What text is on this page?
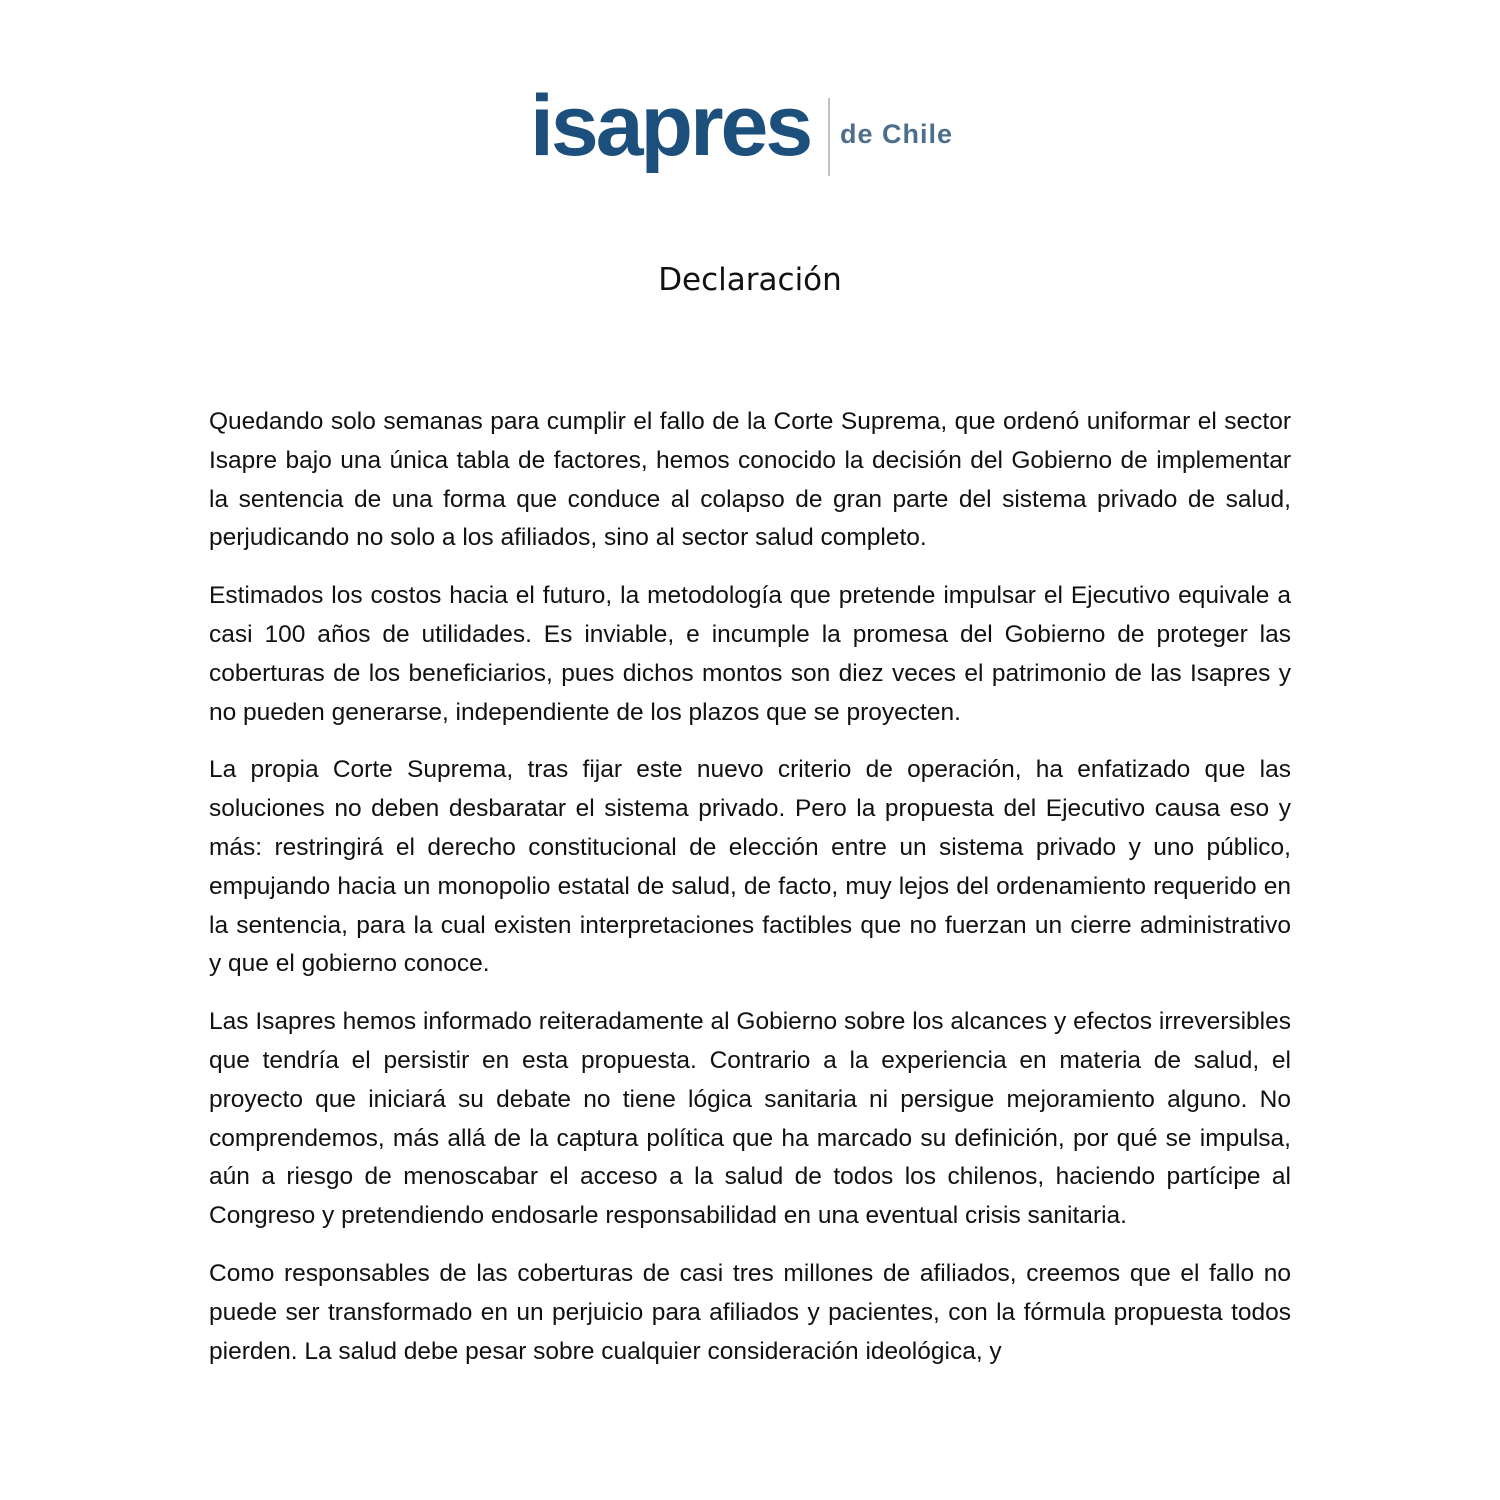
isapres de Chile
Declaración

Quedando solo semanas para cumplir el fallo de la Corte Suprema, que ordenó uniformar el sector Isapre bajo una única tabla de factores, hemos conocido la decisión del Gobierno de implementar la sentencia de una forma que conduce al colapso de gran parte del sistema privado de salud, perjudicando no solo a los afiliados, sino al sector salud completo.

Estimados los costos hacia el futuro, la metodología que pretende impulsar el Ejecutivo equivale a casi 100 años de utilidades. Es inviable, e incumple la promesa del Gobierno de proteger las coberturas de los beneficiarios, pues dichos montos son diez veces el patrimonio de las Isapres y no pueden generarse, independiente de los plazos que se proyecten.

La propia Corte Suprema, tras fijar este nuevo criterio de operación, ha enfatizado que las soluciones no deben desbaratar el sistema privado. Pero la propuesta del Ejecutivo causa eso y más: restringirá el derecho constitucional de elección entre un sistema privado y uno público, empujando hacia un monopolio estatal de salud, de facto, muy lejos del ordenamiento requerido en la sentencia, para la cual existen interpretaciones factibles que no fuerzan un cierre administrativo y que el gobierno conoce.

Las Isapres hemos informado reiteradamente al Gobierno sobre los alcances y efectos irreversibles que tendría el persistir en esta propuesta. Contrario a la experiencia en materia de salud, el proyecto que iniciará su debate no tiene lógica sanitaria ni persigue mejoramiento alguno. No comprendemos, más allá de la captura política que ha marcado su definición, por qué se impulsa, aún a riesgo de menoscabar el acceso a la salud de todos los chilenos, haciendo partícipe al Congreso y pretendiendo endosarle responsabilidad en una eventual crisis sanitaria.

Como responsables de las coberturas de casi tres millones de afiliados, creemos que el fallo no puede ser transformado en un perjuicio para afiliados y pacientes, con la fórmula propuesta todos pierden. La salud debe pesar sobre cualquier consideración ideológica, y
